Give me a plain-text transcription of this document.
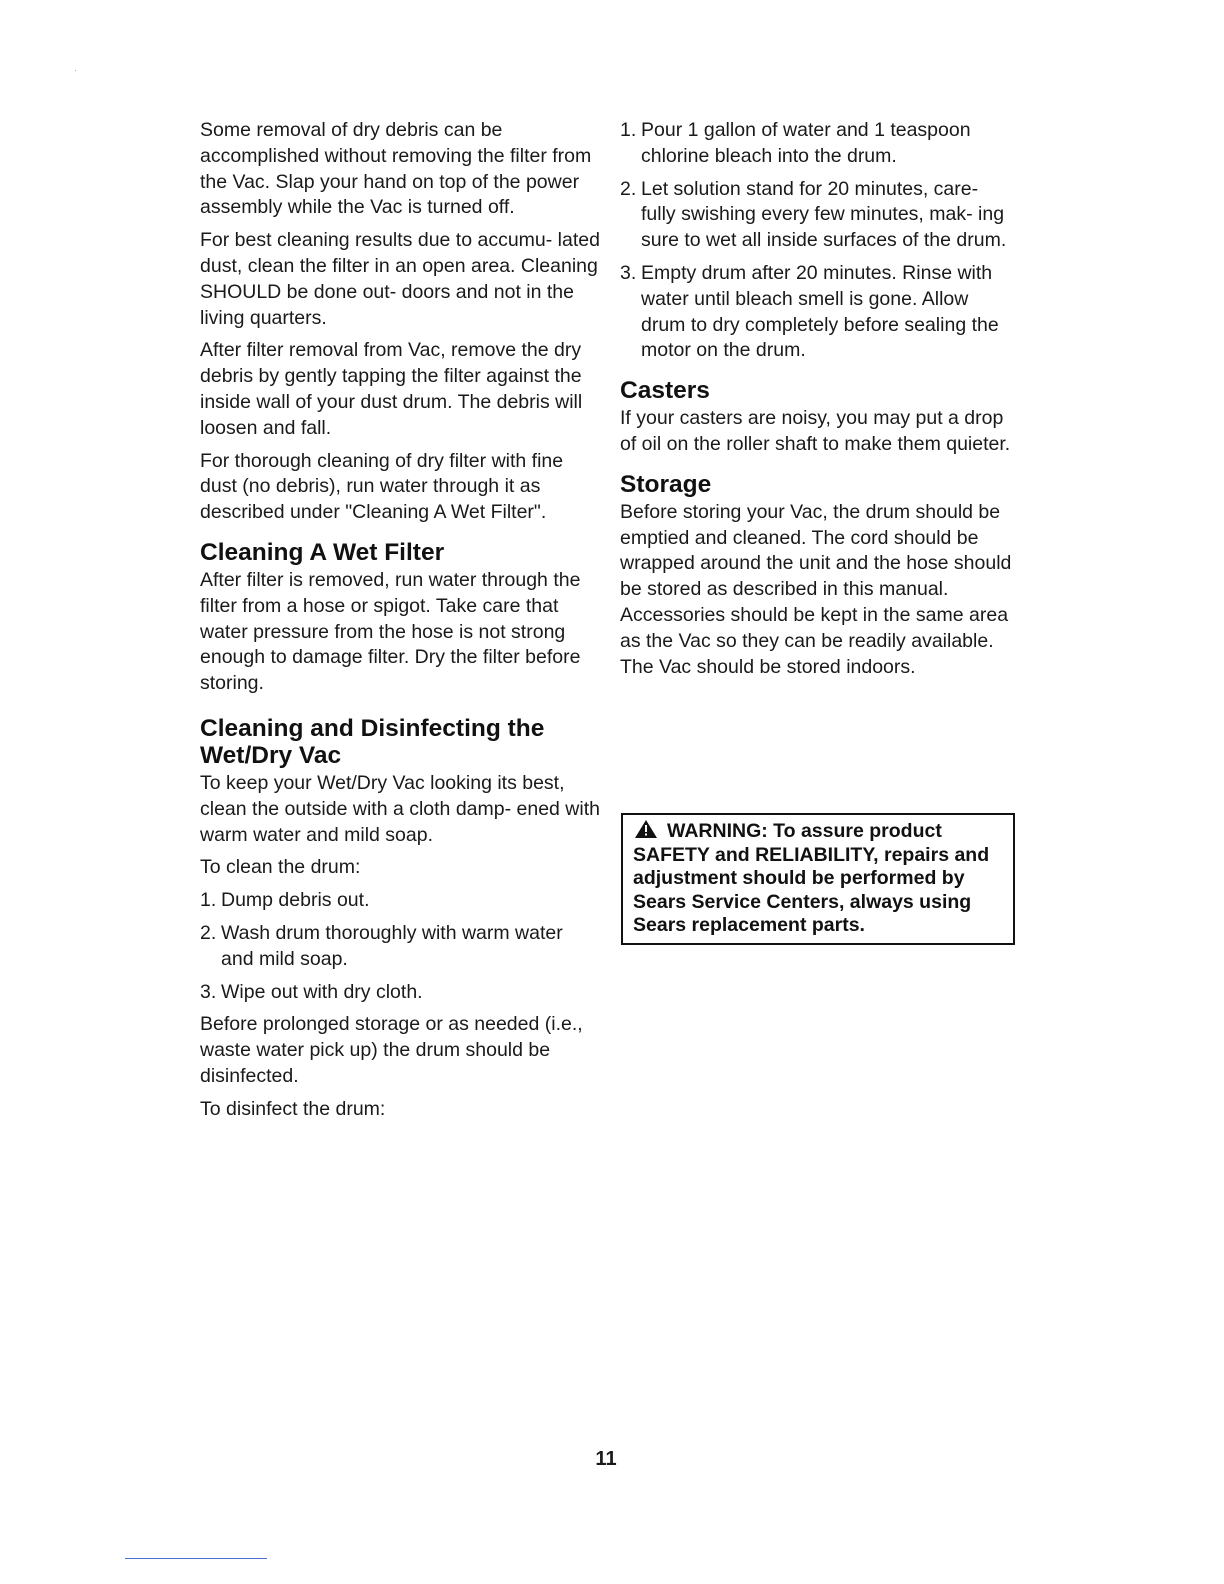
Some removal of dry debris can be accomplished without removing the filter from the Vac. Slap your hand on top of the power assembly while the Vac is turned off.

For best cleaning results due to accumu- lated dust, clean the filter in an open area. Cleaning SHOULD be done out- doors and not in the living quarters.

After filter removal from Vac, remove the dry debris by gently tapping the filter against the inside wall of your dust drum. The debris will loosen and fall.

For thorough cleaning of dry filter with fine dust (no debris), run water through it as described under "Cleaning A Wet Filter".

Cleaning A Wet Filter

After filter is removed, run water through the filter from a hose or spigot. Take care that water pressure from the hose is not strong enough to damage filter. Dry the filter before storing.

Cleaning and Disinfecting the Wet/Dry Vac

To keep your Wet/Dry Vac looking its best, clean the outside with a cloth damp- ened with warm water and mild soap.

To clean the drum:

1. Dump debris out.
2. Wash drum thoroughly with warm water and mild soap.
3. Wipe out with dry cloth.

Before prolonged storage or as needed (i.e., waste water pick up) the drum should be disinfected.

To disinfect the drum:

1. Pour 1 gallon of water and 1 teaspoon chlorine bleach into the drum.
2. Let solution stand for 20 minutes, care- fully swishing every few minutes, mak- ing sure to wet all inside surfaces of the drum.
3. Empty drum after 20 minutes. Rinse with water until bleach smell is gone. Allow drum to dry completely before sealing the motor on the drum.
Casters

If your casters are noisy, you may put a drop of oil on the roller shaft to make them quieter.

Storage

Before storing your Vac, the drum should be emptied and cleaned. The cord should be wrapped around the unit and the hose should be stored as described in this manual. Accessories should be kept in the same area as the Vac so they can be readily available. The Vac should be stored indoors.

WARNING: To assure product SAFETY and RELIABILITY, repairs and adjustment should be performed by Sears Service Centers, always using Sears replacement parts.
11
